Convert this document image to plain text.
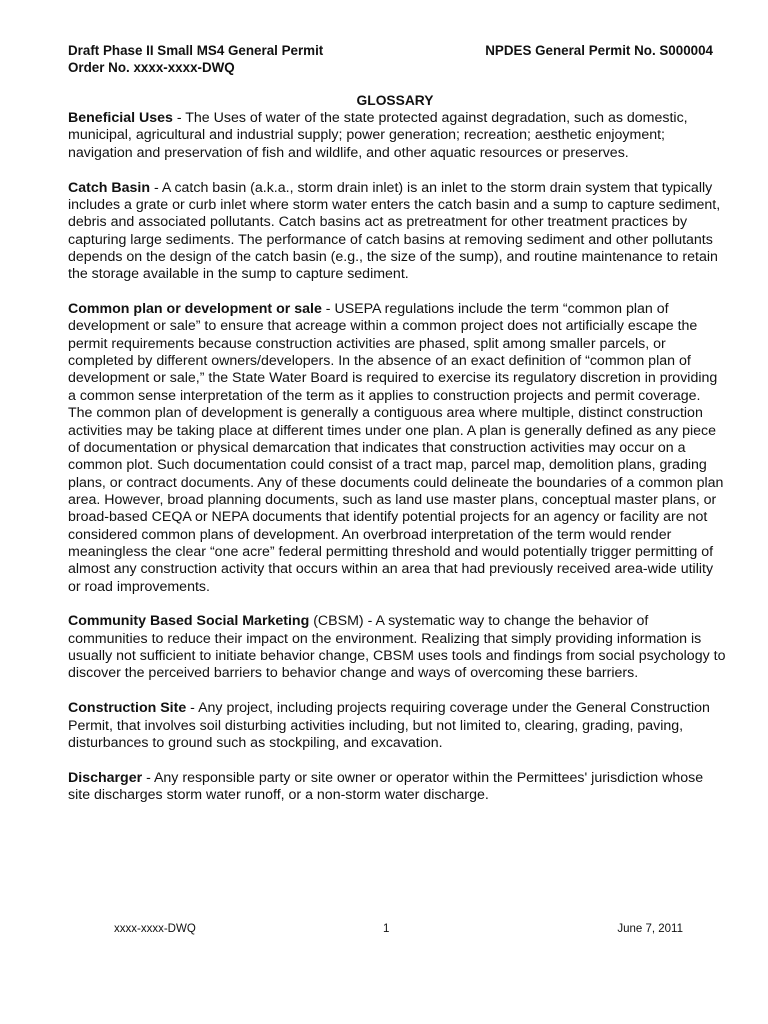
Draft Phase II Small MS4 General Permit	NPDES General Permit No. S000004
Order No. xxxx-xxxx-DWQ
GLOSSARY

Beneficial Uses - The Uses of water of the state protected against degradation, such as domestic, municipal, agricultural and industrial supply; power generation; recreation; aesthetic enjoyment; navigation and preservation of fish and wildlife, and other aquatic resources or preserves.

Catch Basin - A catch basin (a.k.a., storm drain inlet) is an inlet to the storm drain system that typically includes a grate or curb inlet where storm water enters the catch basin and a sump to capture sediment, debris and associated pollutants. Catch basins act as pretreatment for other treatment practices by capturing large sediments. The performance of catch basins at removing sediment and other pollutants depends on the design of the catch basin (e.g., the size of the sump), and routine maintenance to retain the storage available in the sump to capture sediment.

Common plan or development or sale - USEPA regulations include the term “common plan of development or sale” to ensure that acreage within a common project does not artificially escape the permit requirements because construction activities are phased, split among smaller parcels, or completed by different owners/developers. In the absence of an exact definition of “common plan of development or sale,” the State Water Board is required to exercise its regulatory discretion in providing a common sense interpretation of the term as it applies to construction projects and permit coverage. The common plan of development is generally a contiguous area where multiple, distinct construction activities may be taking place at different times under one plan. A plan is generally defined as any piece of documentation or physical demarcation that indicates that construction activities may occur on a common plot. Such documentation could consist of a tract map, parcel map, demolition plans, grading plans, or contract documents. Any of these documents could delineate the boundaries of a common plan area. However, broad planning documents, such as land use master plans, conceptual master plans, or broad-based CEQA or NEPA documents that identify potential projects for an agency or facility are not considered common plans of development. An overbroad interpretation of the term would render meaningless the clear “one acre” federal permitting threshold and would potentially trigger permitting of almost any construction activity that occurs within an area that had previously received area-wide utility or road improvements.

Community Based Social Marketing (CBSM) - A systematic way to change the behavior of communities to reduce their impact on the environment. Realizing that simply providing information is usually not sufficient to initiate behavior change, CBSM uses tools and findings from social psychology to discover the perceived barriers to behavior change and ways of overcoming these barriers.

Construction Site - Any project, including projects requiring coverage under the General Construction Permit, that involves soil disturbing activities including, but not limited to, clearing, grading, paving, disturbances to ground such as stockpiling, and excavation.

Discharger - Any responsible party or site owner or operator within the Permittees' jurisdiction whose site discharges storm water runoff, or a non-storm water discharge.

xxxx-xxxx-DWQ	1	June 7, 2011
